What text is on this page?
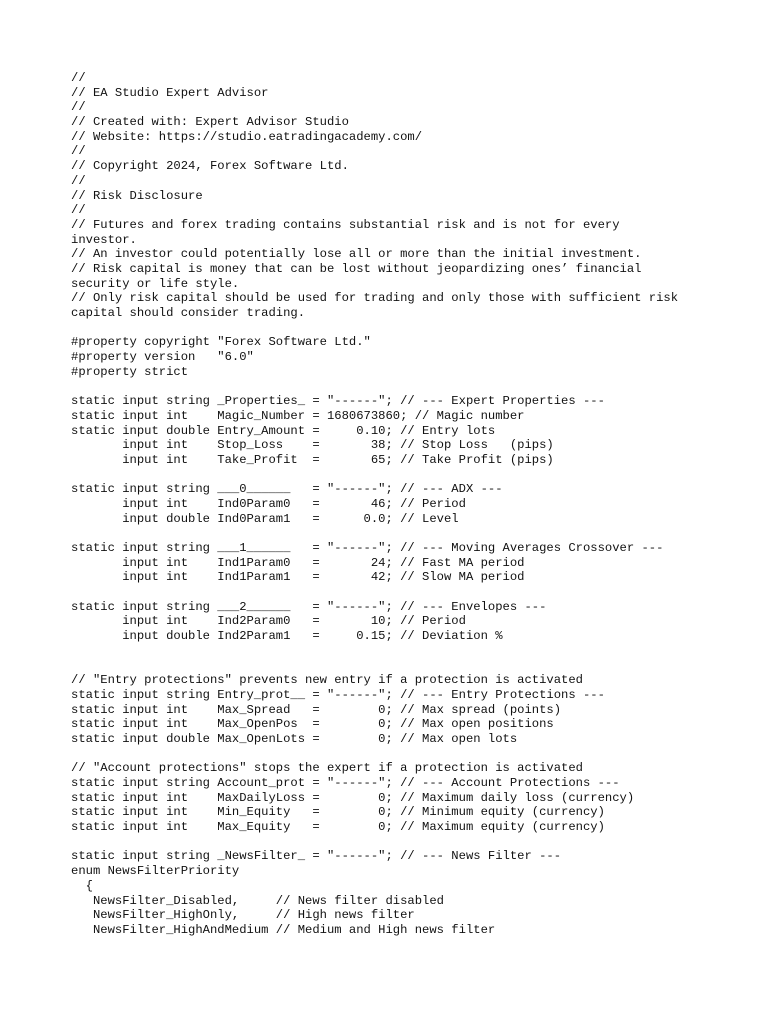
//
// EA Studio Expert Advisor
//
// Created with: Expert Advisor Studio
// Website: https://studio.eatradingacademy.com/
//
// Copyright 2024, Forex Software Ltd.
//
// Risk Disclosure
//
// Futures and forex trading contains substantial risk and is not for every
investor.
// An investor could potentially lose all or more than the initial investment.
// Risk capital is money that can be lost without jeopardizing ones’ financial
security or life style.
// Only risk capital should be used for trading and only those with sufficient risk
capital should consider trading.
#property copyright "Forex Software Ltd."
#property version   "6.0"
#property strict
static input string _Properties_ = "------"; // --- Expert Properties ---
static input int    Magic_Number = 1680673860; // Magic number
static input double Entry_Amount =     0.10; // Entry lots
input int    Stop_Loss    =       38; // Stop Loss   (pips)
input int    Take_Profit  =       65; // Take Profit (pips)
static input string ___0______   = "------"; // --- ADX ---
input int    Ind0Param0   =       46; // Period
input double Ind0Param1   =      0.0; // Level
static input string ___1______   = "------"; // --- Moving Averages Crossover ---
input int    Ind1Param0   =       24; // Fast MA period
input int    Ind1Param1   =       42; // Slow MA period
static input string ___2______   = "------"; // --- Envelopes ---
input int    Ind2Param0   =       10; // Period
input double Ind2Param1   =     0.15; // Deviation %
// "Entry protections" prevents new entry if a protection is activated
static input string Entry_prot__ = "------"; // --- Entry Protections ---
static input int    Max_Spread   =        0; // Max spread (points)
static input int    Max_OpenPos  =        0; // Max open positions
static input double Max_OpenLots =        0; // Max open lots
// "Account protections" stops the expert if a protection is activated
static input string Account_prot = "------"; // --- Account Protections ---
static input int    MaxDailyLoss =        0; // Maximum daily loss (currency)
static input int    Min_Equity   =        0; // Minimum equity (currency)
static input int    Max_Equity   =        0; // Maximum equity (currency)
static input string _NewsFilter_ = "------"; // --- News Filter ---
enum NewsFilterPriority
{
NewsFilter_Disabled,     // News filter disabled
NewsFilter_HighOnly,     // High news filter
NewsFilter_HighAndMedium // Medium and High news filter
